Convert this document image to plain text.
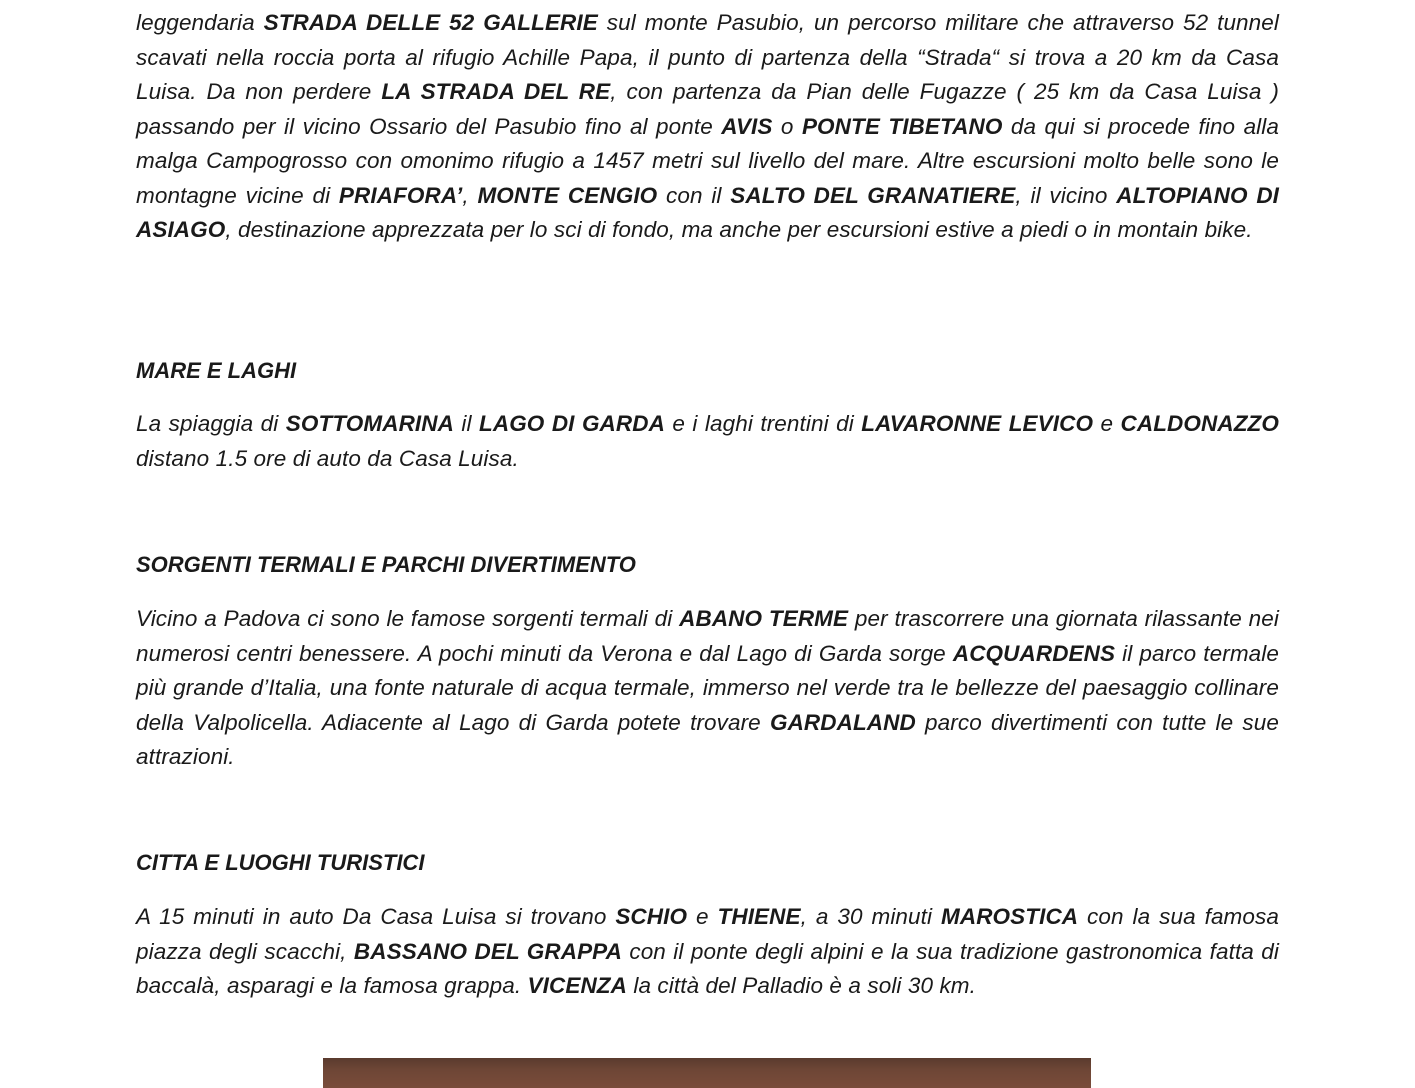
leggendaria STRADA DELLE 52 GALLERIE sul monte Pasubio, un percorso militare che attraverso 52 tunnel scavati nella roccia porta al rifugio Achille Papa, il punto di partenza della “Strada“ si trova a 20 km da Casa Luisa. Da non perdere LA STRADA DEL RE, con partenza da Pian delle Fugazze ( 25 km da Casa Luisa ) passando per il vicino Ossario del Pasubio fino al ponte AVIS o PONTE TIBETANO da qui si procede fino alla malga Campogrosso con omonimo rifugio a 1457 metri sul livello del mare. Altre escursioni molto belle sono le montagne vicine di PRIAFORA’, MONTE CENGIO con il SALTO DEL GRANATIERE, il vicino ALTOPIANO DI ASIAGO, destinazione apprezzata per lo sci di fondo, ma anche per escursioni estive a piedi o in montain bike.

MARE E LAGHI

La spiaggia di SOTTOMARINA il LAGO DI GARDA e i laghi trentini di LAVARONNE LEVICO e CALDONAZZO distano 1.5 ore di auto da Casa Luisa.

SORGENTI TERMALI E PARCHI DIVERTIMENTO

Vicino a Padova ci sono le famose sorgenti termali di ABANO TERME per trascorrere una giornata rilassante nei numerosi centri benessere. A pochi minuti da Verona e dal Lago di Garda sorge ACQUARDENS il parco termale più grande d’Italia, una fonte naturale di acqua termale, immerso nel verde tra le bellezze del paesaggio collinare della Valpolicella. Adiacente al Lago di Garda potete trovare GARDALAND parco divertimenti con tutte le sue attrazioni.

CITTA E LUOGHI TURISTICI

A 15 minuti in auto Da Casa Luisa si trovano SCHIO e THIENE, a 30 minuti MAROSTICA con la sua famosa piazza degli scacchi, BASSANO DEL GRAPPA con il ponte degli alpini e la sua tradizione gastronomica fatta di baccalà, asparagi e la famosa grappa. VICENZA la città del Palladio è a soli 30 km.
